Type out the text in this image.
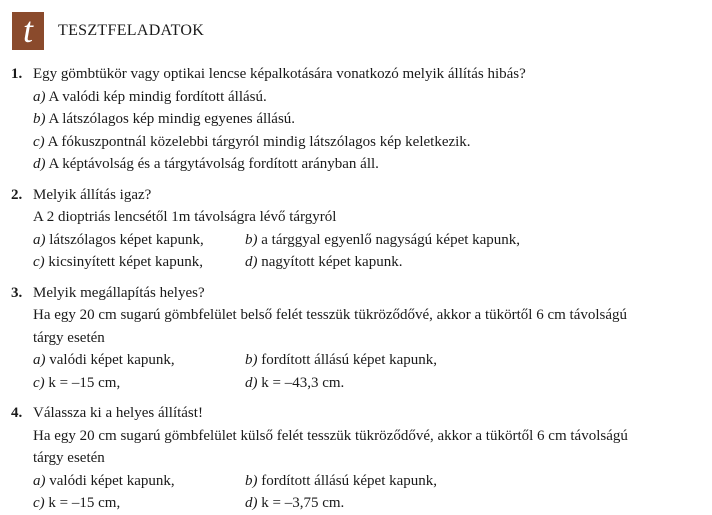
t TESZTFELADATOK
1. Egy gömbtükör vagy optikai lencse képalkotására vonatkozó melyik állítás hibás?
a) A valódi kép mindig fordított állású.
b) A látszólagos kép mindig egyenes állású.
c) A fókuszpontnál közelebbi tárgyról mindig látszólagos kép keletkezik.
d) A képtávolság és a tárgytávolság fordított arányban áll.
2. Melyik állítás igaz?
A 2 dioptriás lencsétől 1m távolságra lévő tárgyról
a) látszólagos képet kapunk,	b) a tárggyal egyenlő nagyságú képet kapunk,
c) kicsinyített képet kapunk,	d) nagyított képet kapunk.
3. Melyik megállapítás helyes?
Ha egy 20 cm sugarú gömbfelület belső felét tesszük tükröződővé, akkor a tükörtől 6 cm távolságú
tárgy esetén
a) valódi képet kapunk,	b) fordított állású képet kapunk,
c) k = –15 cm,	d) k = –43,3 cm.
4. Válassza ki a helyes állítást!
Ha egy 20 cm sugarú gömbfelület külső felét tesszük tükröződővé, akkor a tükörtől 6 cm távolságú
tárgy esetén
a) valódi képet kapunk,	b) fordított állású képet kapunk,
c) k = –15 cm,	d) k = –3,75 cm.
